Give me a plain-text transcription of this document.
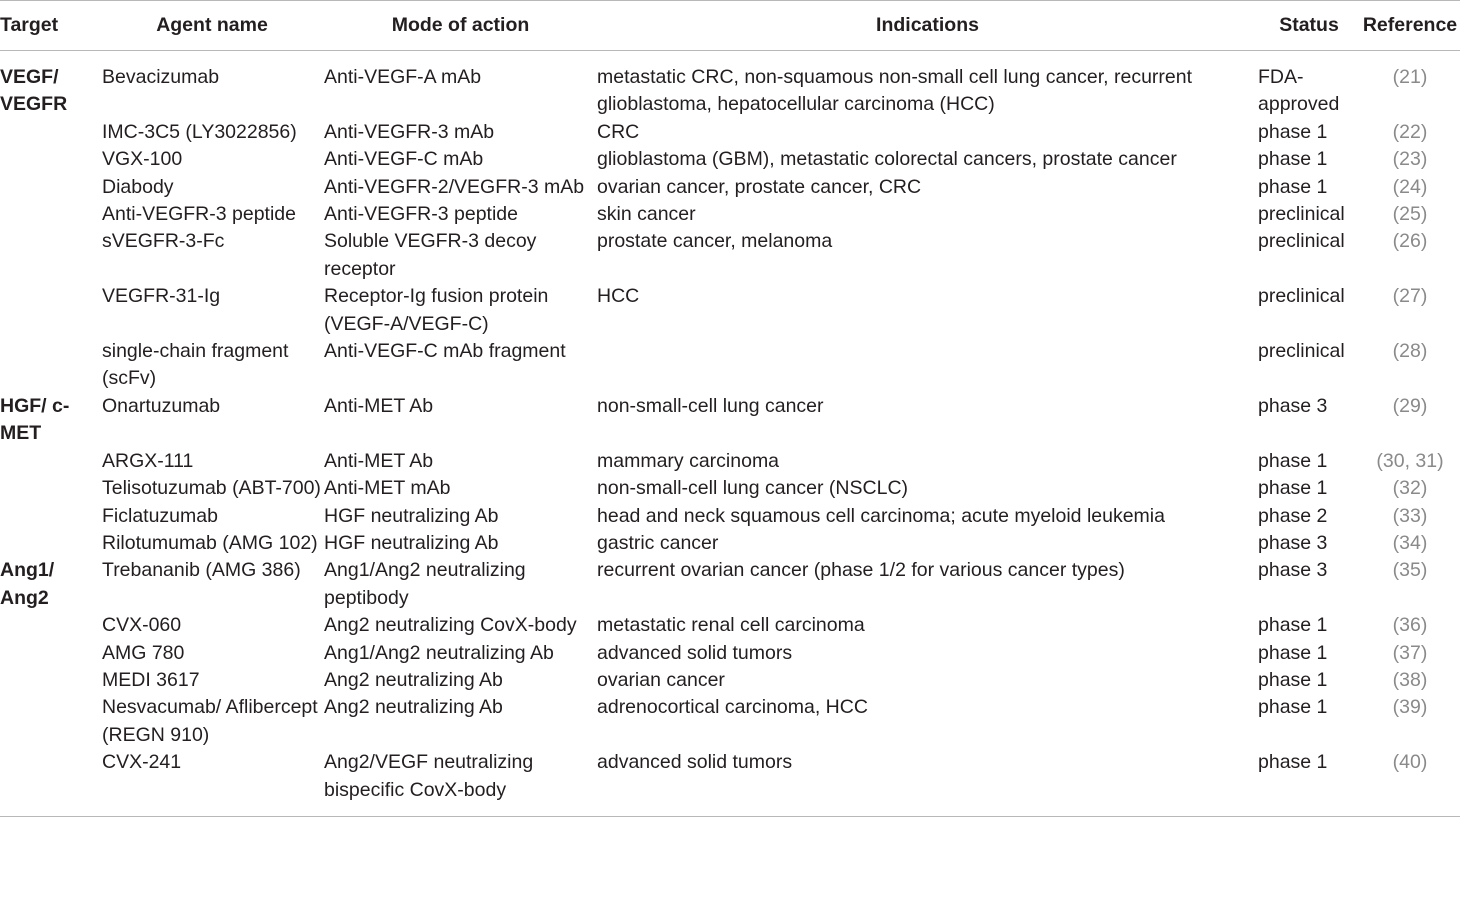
Target	Agent name	Mode of action	Indications	Status	Reference
VEGF/ VEGFR	Bevacizumab	Anti-VEGF-A mAb	metastatic CRC, non-squamous non-small cell lung cancer, recurrent glioblastoma, hepatocellular carcinoma (HCC)	FDA-approved	(21)
	IMC-3C5 (LY3022856)	Anti-VEGFR-3 mAb	CRC	phase 1	(22)
	VGX-100	Anti-VEGF-C mAb	glioblastoma (GBM), metastatic colorectal cancers, prostate cancer	phase 1	(23)
	Diabody	Anti-VEGFR-2/VEGFR-3 mAb	ovarian cancer, prostate cancer, CRC	phase 1	(24)
	Anti-VEGFR-3 peptide	Anti-VEGFR-3 peptide	skin cancer	preclinical	(25)
	sVEGFR-3-Fc	Soluble VEGFR-3 decoy receptor	prostate cancer, melanoma	preclinical	(26)
	VEGFR-31-Ig	Receptor-Ig fusion protein (VEGF-A/VEGF-C)	HCC	preclinical	(27)
	single-chain fragment (scFv)	Anti-VEGF-C mAb fragment		preclinical	(28)
HGF/ c-MET	Onartuzumab	Anti-MET Ab	non-small-cell lung cancer	phase 3	(29)
	ARGX-111	Anti-MET Ab	mammary carcinoma	phase 1	(30, 31)
	Telisotuzumab (ABT-700)	Anti-MET mAb	non-small-cell lung cancer (NSCLC)	phase 1	(32)
	Ficlatuzumab	HGF neutralizing Ab	head and neck squamous cell carcinoma; acute myeloid leukemia	phase 2	(33)
	Rilotumumab (AMG 102)	HGF neutralizing Ab	gastric cancer	phase 3	(34)
Ang1/ Ang2	Trebananib (AMG 386)	Ang1/Ang2 neutralizing peptibody	recurrent ovarian cancer (phase 1/2 for various cancer types)	phase 3	(35)
	CVX-060	Ang2 neutralizing CovX-body	metastatic renal cell carcinoma	phase 1	(36)
	AMG 780	Ang1/Ang2 neutralizing Ab	advanced solid tumors	phase 1	(37)
	MEDI 3617	Ang2 neutralizing Ab	ovarian cancer	phase 1	(38)
	Nesvacumab/ Aflibercept (REGN 910)	Ang2 neutralizing Ab	adrenocortical carcinoma, HCC	phase 1	(39)
	CVX-241	Ang2/VEGF neutralizing bispecific CovX-body	advanced solid tumors	phase 1	(40)
